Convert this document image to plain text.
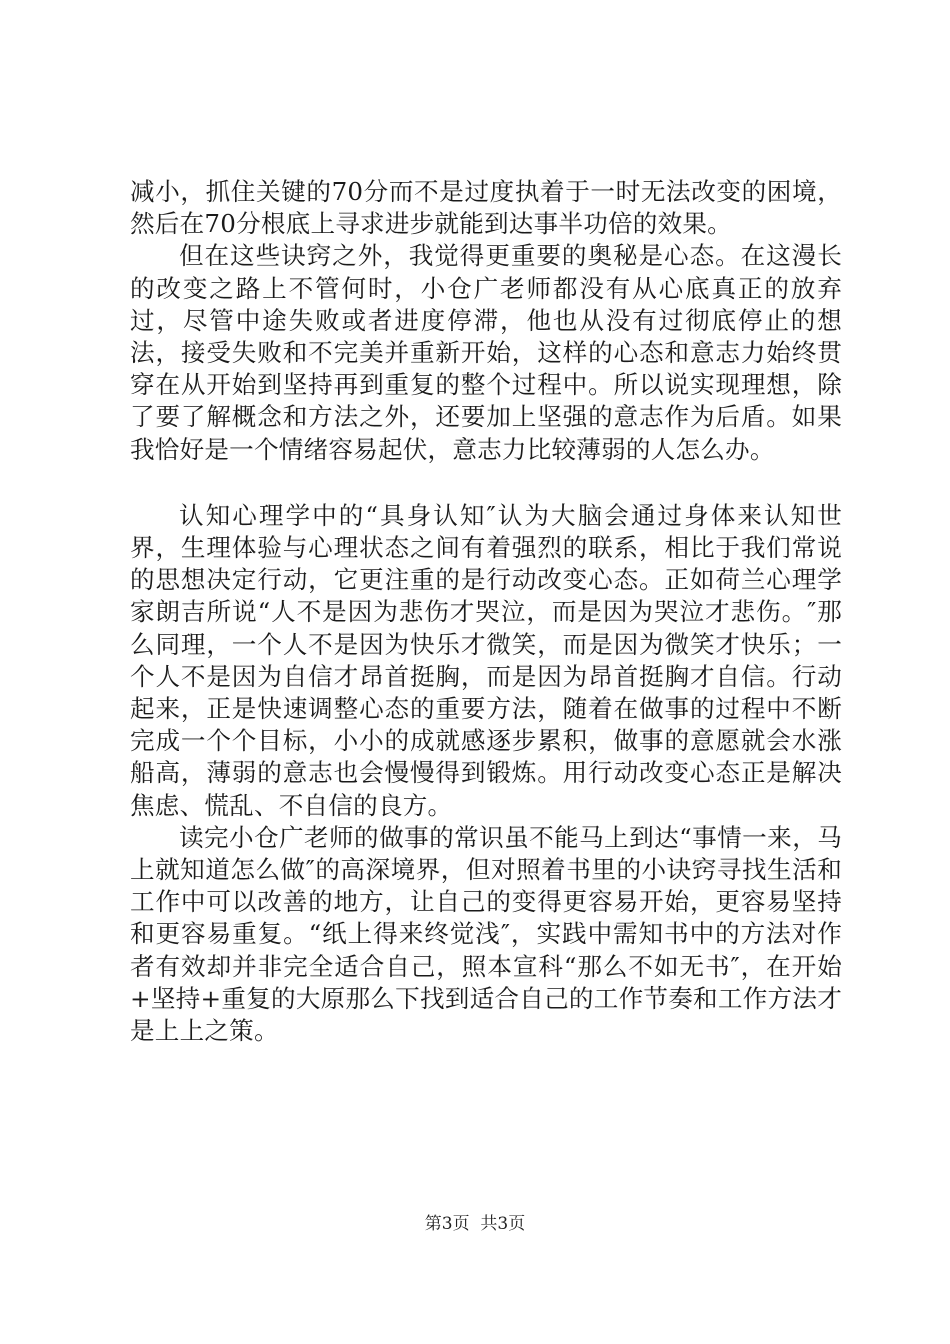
减小，抓住关键的70分而不是过度执着于一时无法改变的困境，然后在70分根底上寻求进步就能到达事半功倍的效果。

但在这些诀窍之外，我觉得更重要的奥秘是心态。在这漫长的改变之路上不管何时，小仓广老师都没有从心底真正的放弃过，尽管中途失败或者进度停滞，他也从没有过彻底停止的想法，接受失败和不完美并重新开始，这样的心态和意志力始终贯穿在从开始到坚持再到重复的整个过程中。所以说实现理想，除了要了解概念和方法之外，还要加上坚强的意志作为后盾。如果我恰好是一个情绪容易起伏，意志力比较薄弱的人怎么办。

认知心理学中的“具身认知″认为大脑会通过身体来认知世界，生理体验与心理状态之间有着强烈的联系，相比于我们常说的思想决定行动，它更注重的是行动改变心态。正如荷兰心理学家朗吉所说“人不是因为悲伤才哭泣，而是因为哭泣才悲伤。″那么同理，一个人不是因为快乐才微笑，而是因为微笑才快乐；一个人不是因为自信才昂首挺胸，而是因为昂首挺胸才自信。行动起来，正是快速调整心态的重要方法，随着在做事的过程中不断完成一个个目标，小小的成就感逐步累积，做事的意愿就会水涨船高，薄弱的意志也会慢慢得到锻炼。用行动改变心态正是解决焦虑、慌乱、不自信的良方。

读完小仓广老师的做事的常识虽不能马上到达“事情一来，马上就知道怎么做″的高深境界，但对照着书里的小诀窍寻找生活和工作中可以改善的地方，让自己的变得更容易开始，更容易坚持和更容易重复。“纸上得来终觉浅″，实践中需知书中的方法对作者有效却并非完全适合自己，照本宣科“那么不如无书″，在开始+坚持+重复的大原那么下找到适合自己的工作节奏和工作方法才是上上之策。

第3页  共3页
